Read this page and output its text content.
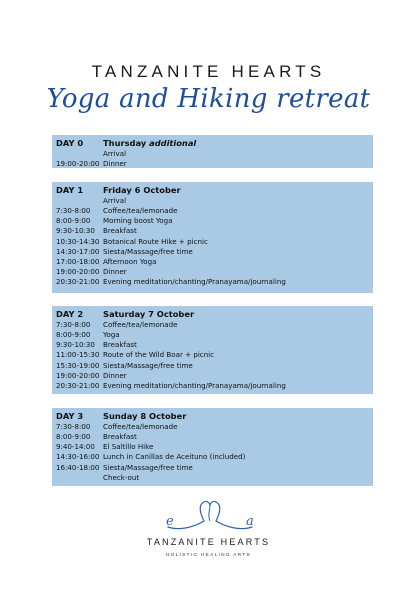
TANZANITE HEARTS
Yoga and Hiking retreat
DAY 0	Thursday additional
Arrival
19:00-20:00 Dinner
DAY 1	Friday 6 October
Arrival
7:30-8:00	Coffee/tea/lemonade
8:00-9:00	Morning boost Yoga
9:30-10:30	Breakfast
10:30-14:30 Botanical Route Hike + picnic
14:30-17:00 Siesta/Massage/free time
17:00-18:00 Afternoon Yoga
19:00-20:00 Dinner
20:30-21:00 Evening meditation/chanting/Pranayama/journaling
DAY 2	Saturday 7 October
7:30-8:00	Coffee/tea/lemonade
8:00-9:00	Yoga
9:30-10:30	Breakfast
11:00-15:30 Route of the Wild Boar + picnic
15:30-19:00 Siesta/Massage/free time
19:00-20:00 Dinner
20:30-21:00 Evening meditation/chanting/Pranayama/journaling
DAY 3	Sunday 8 October
7:30-8:00	Coffee/tea/lemonade
8:00-9:00	Breakfast
9:40-14:00	El Saltillo Hike
14:30-16:00 Lunch in Canillas de Aceituno (included)
16:40-18:00 Siesta/Massage/free time
Check-out
e	a
TANZANITE HEARTS
HOLISTIC HEALING ARTS
